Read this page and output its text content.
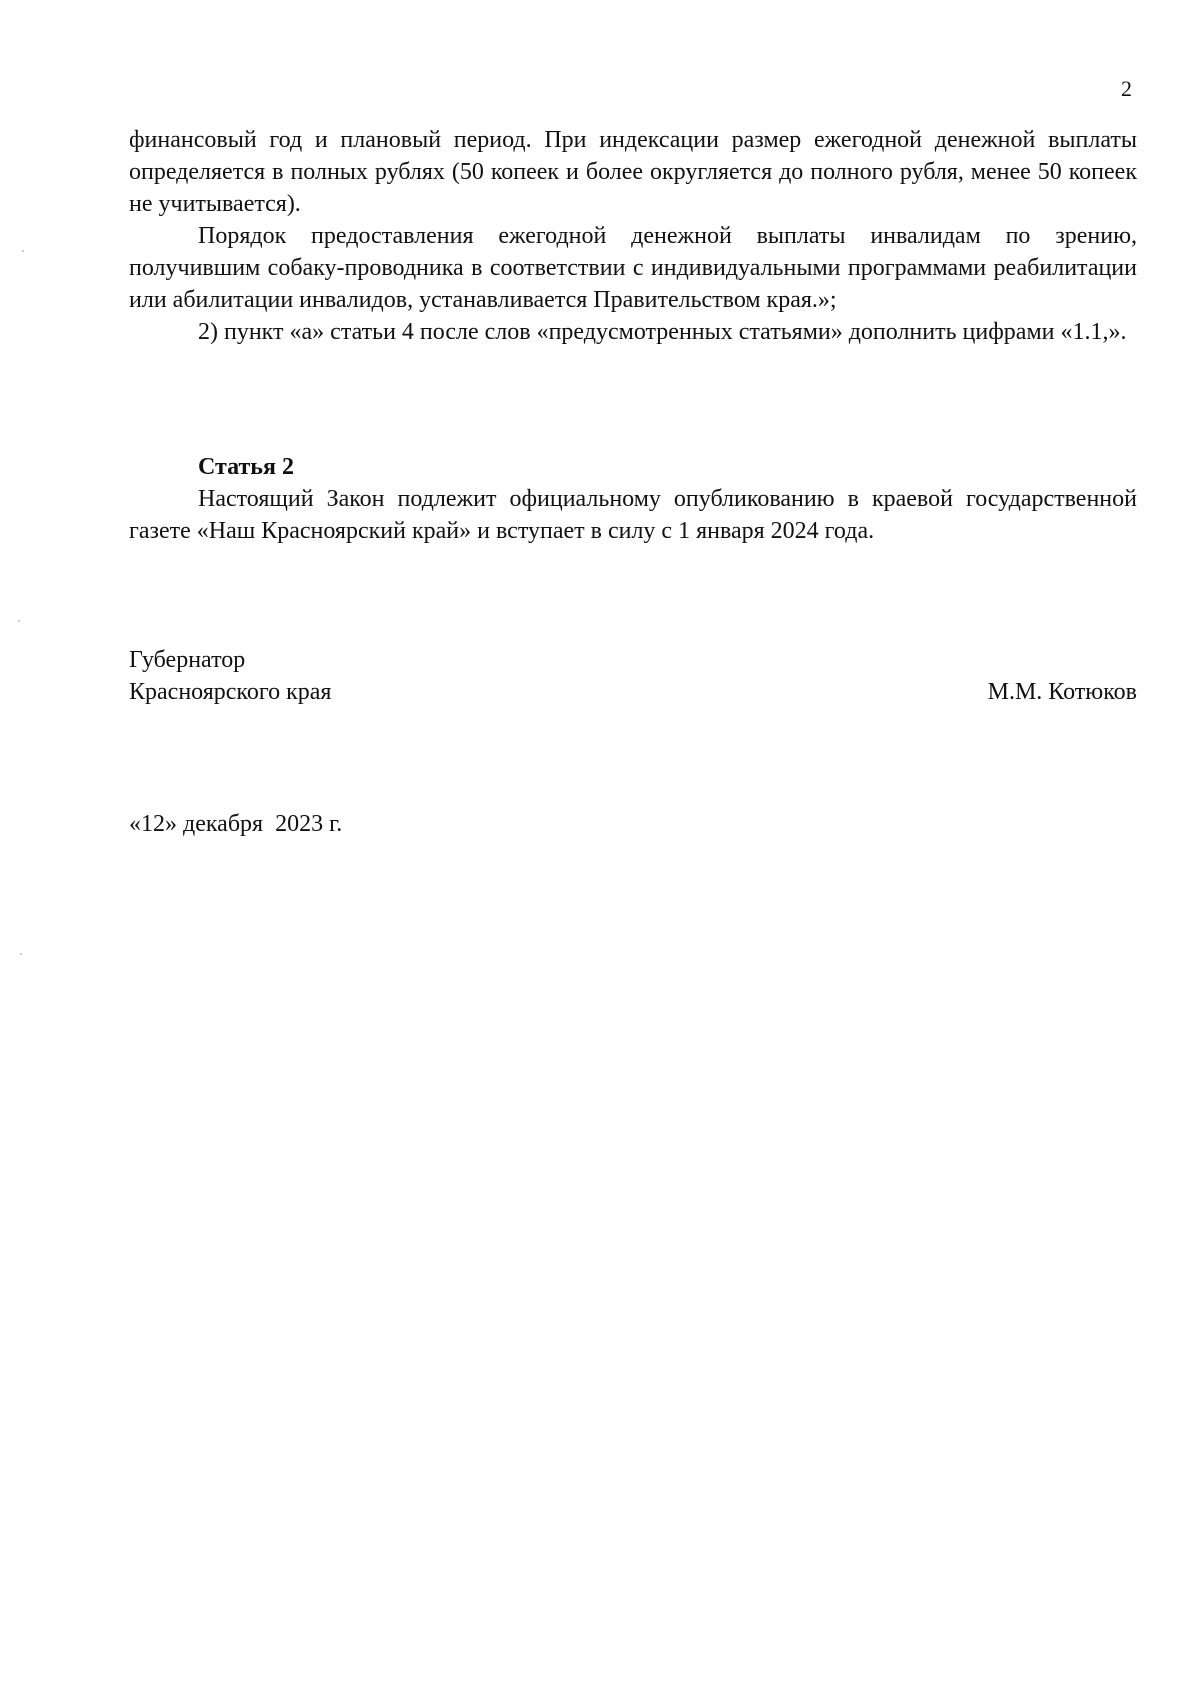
2

финансовый год и плановый период. При индексации размер ежегодной денежной выплаты определяется в полных рублях (50 копеек и более округляется до полного рубля, менее 50 копеек не учитывается).

Порядок предоставления ежегодной денежной выплаты инвалидам по зрению, получившим собаку-проводника в соответствии с индивидуальными программами реабилитации или абилитации инвалидов, устанавливается Правительством края.»;

2) пункт «а» статьи 4 после слов «предусмотренных статьями» дополнить цифрами «1.1,».

Статья 2

Настоящий Закон подлежит официальному опубликованию в краевой государственной газете «Наш Красноярский край» и вступает в силу с 1 января 2024 года.

Губернатор
Красноярского края	М.М. Котюков
«12» декабря  2023 г.
